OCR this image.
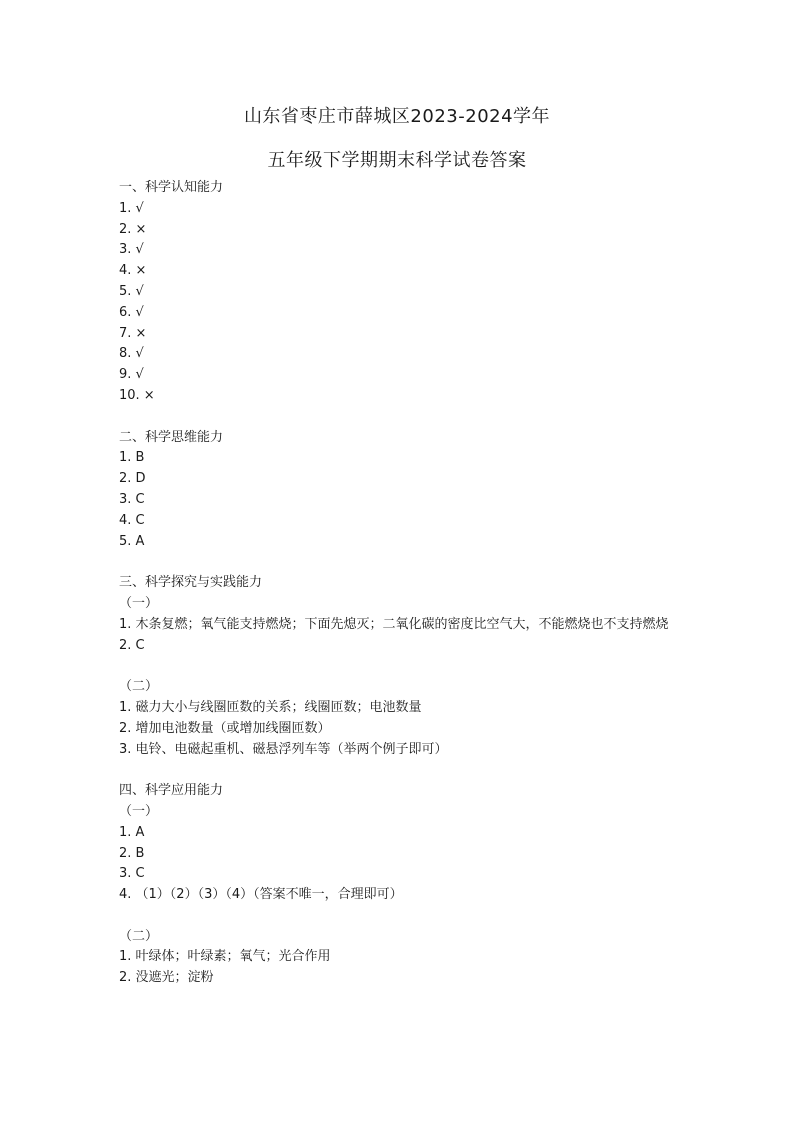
山东省枣庄市薛城区2023-2024学年
五年级下学期期末科学试卷答案
一、科学认知能力
1. √
2. ×
3. √
4. ×
5. √
6. √
7. ×
8. √
9. √
10. ×
二、科学思维能力
1. B
2. D
3. C
4. C
5. A
三、科学探究与实践能力
（一）
1. 木条复燃；氧气能支持燃烧；下面先熄灭；二氧化碳的密度比空气大，不能燃烧也不支持燃烧
2. C
（二）
1. 磁力大小与线圈匝数的关系；线圈匝数；电池数量
2. 增加电池数量（或增加线圈匝数）
3. 电铃、电磁起重机、磁悬浮列车等（举两个例子即可）
四、科学应用能力
（一）
1. A
2. B
3. C
4. （1）（2）（3）（4）（答案不唯一，合理即可）
（二）
1. 叶绿体；叶绿素；氧气；光合作用
2. 没遮光；淀粉
